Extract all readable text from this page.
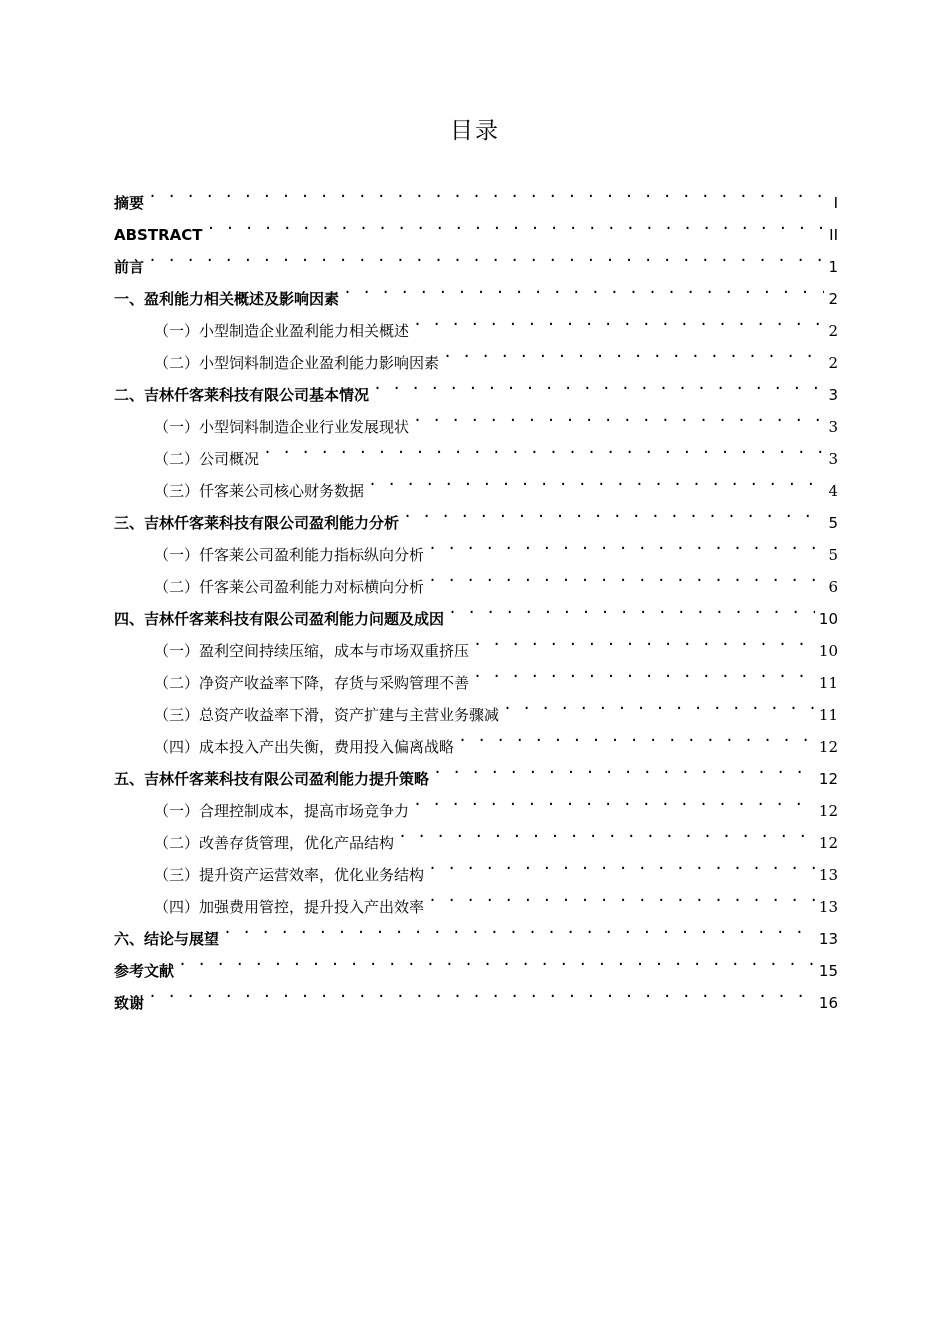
目录
摘要 . . .	I
ABSTRACT . . .	II
前言 . . .	1
一、盈利能力相关概述及影响因素 . . .	2
（一）小型制造企业盈利能力相关概述 . . .	2
（二）小型饲料制造企业盈利能力影响因素 . . .	2
二、吉林仟客莱科技有限公司基本情况 . . .	3
（一）小型饲料制造企业行业发展现状 . . .	3
（二）公司概况 . . .	3
（三）仟客莱公司核心财务数据 . . .	4
三、吉林仟客莱科技有限公司盈利能力分析 . . .	5
（一）仟客莱公司盈利能力指标纵向分析 . . .	5
（二）仟客莱公司盈利能力对标横向分析 . . .	6
四、吉林仟客莱科技有限公司盈利能力问题及成因 . . .	10
（一）盈利空间持续压缩，成本与市场双重挤压 . . .	10
（二）净资产收益率下降，存货与采购管理不善 . . .	11
（三）总资产收益率下滑，资产扩建与主营业务骤减 . . .	11
（四）成本投入产出失衡，费用投入偏离战略 . . .	12
五、吉林仟客莱科技有限公司盈利能力提升策略 . . .	12
（一）合理控制成本，提高市场竞争力 . . .	12
（二）改善存货管理，优化产品结构 . . .	12
（三）提升资产运营效率，优化业务结构 . . .	13
（四）加强费用管控，提升投入产出效率 . . .	13
六、结论与展望 . . .	13
参考文献 . . .	15
致谢 . . .	16
